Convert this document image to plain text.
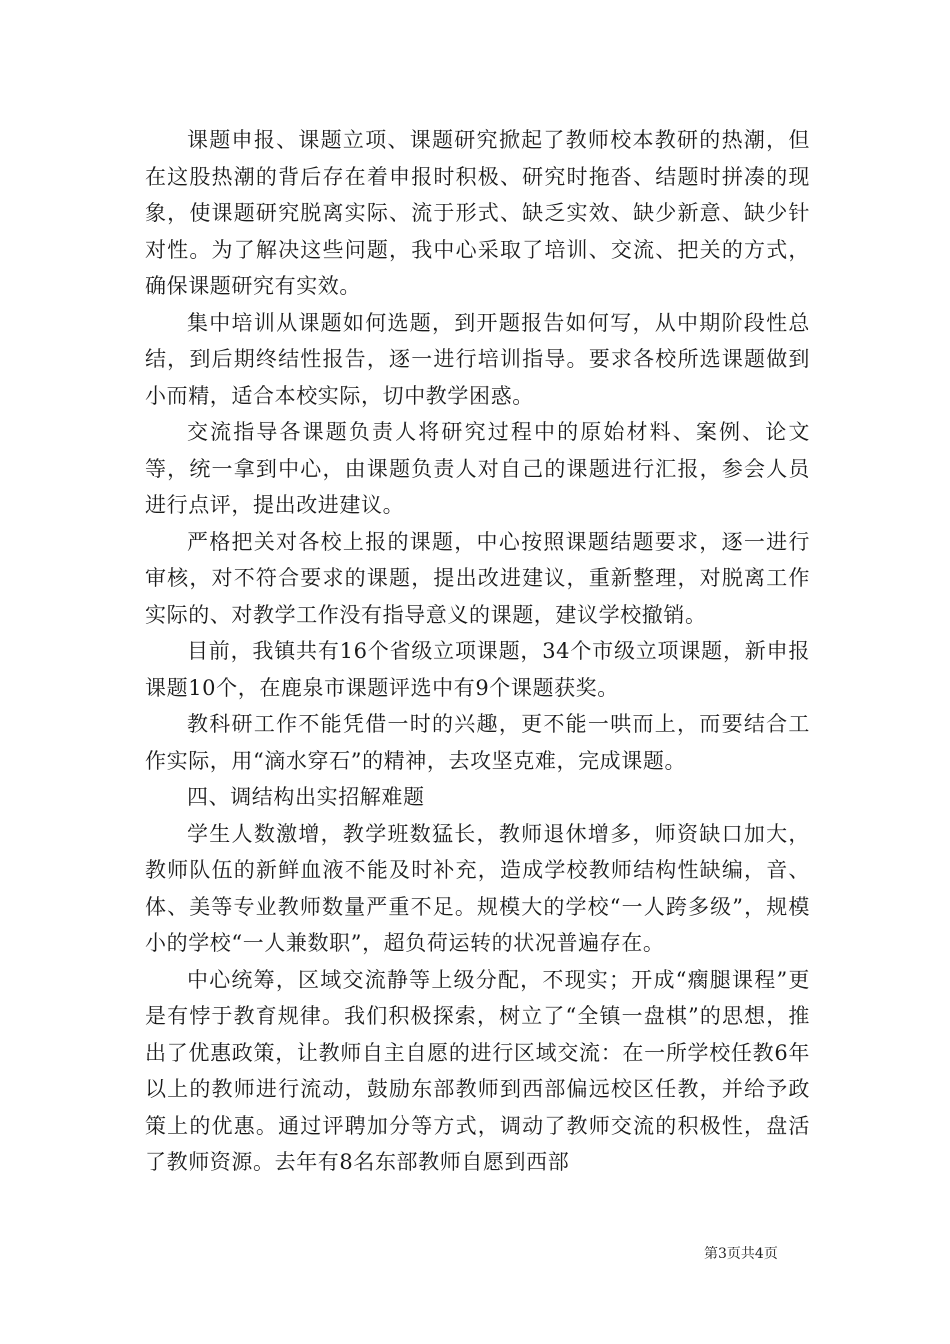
课题申报、课题立项、课题研究掀起了教师校本教研的热潮，但在这股热潮的背后存在着申报时积极、研究时拖沓、结题时拼凑的现象，使课题研究脱离实际、流于形式、缺乏实效、缺少新意、缺少针对性。为了解决这些问题，我中心采取了培训、交流、把关的方式，确保课题研究有实效。

集中培训从课题如何选题，到开题报告如何写，从中期阶段性总结，到后期终结性报告，逐一进行培训指导。要求各校所选课题做到小而精，适合本校实际，切中教学困惑。

交流指导各课题负责人将研究过程中的原始材料、案例、论文等，统一拿到中心，由课题负责人对自己的课题进行汇报，参会人员进行点评，提出改进建议。

严格把关对各校上报的课题，中心按照课题结题要求，逐一进行审核，对不符合要求的课题，提出改进建议，重新整理，对脱离工作实际的、对教学工作没有指导意义的课题，建议学校撤销。

目前，我镇共有16个省级立项课题，34个市级立项课题，新申报课题10个，在鹿泉市课题评选中有9个课题获奖。

教科研工作不能凭借一时的兴趣，更不能一哄而上，而要结合工作实际，用“滴水穿石”的精神，去攻坚克难，完成课题。

四、调结构出实招解难题

学生人数激增，教学班数猛长，教师退休增多，师资缺口加大，教师队伍的新鲜血液不能及时补充，造成学校教师结构性缺编，音、体、美等专业教师数量严重不足。规模大的学校“一人跨多级”，规模小的学校“一人兼数职”，超负荷运转的状况普遍存在。

中心统筹，区域交流静等上级分配，不现实；开成“瘸腿课程”更是有悖于教育规律。我们积极探索，树立了“全镇一盘棋”的思想，推出了优惠政策，让教师自主自愿的进行区域交流：在一所学校任教6年以上的教师进行流动，鼓励东部教师到西部偏远校区任教，并给予政策上的优惠。通过评聘加分等方式，调动了教师交流的积极性，盘活了教师资源。去年有8名东部教师自愿到西部

第3页共4页
